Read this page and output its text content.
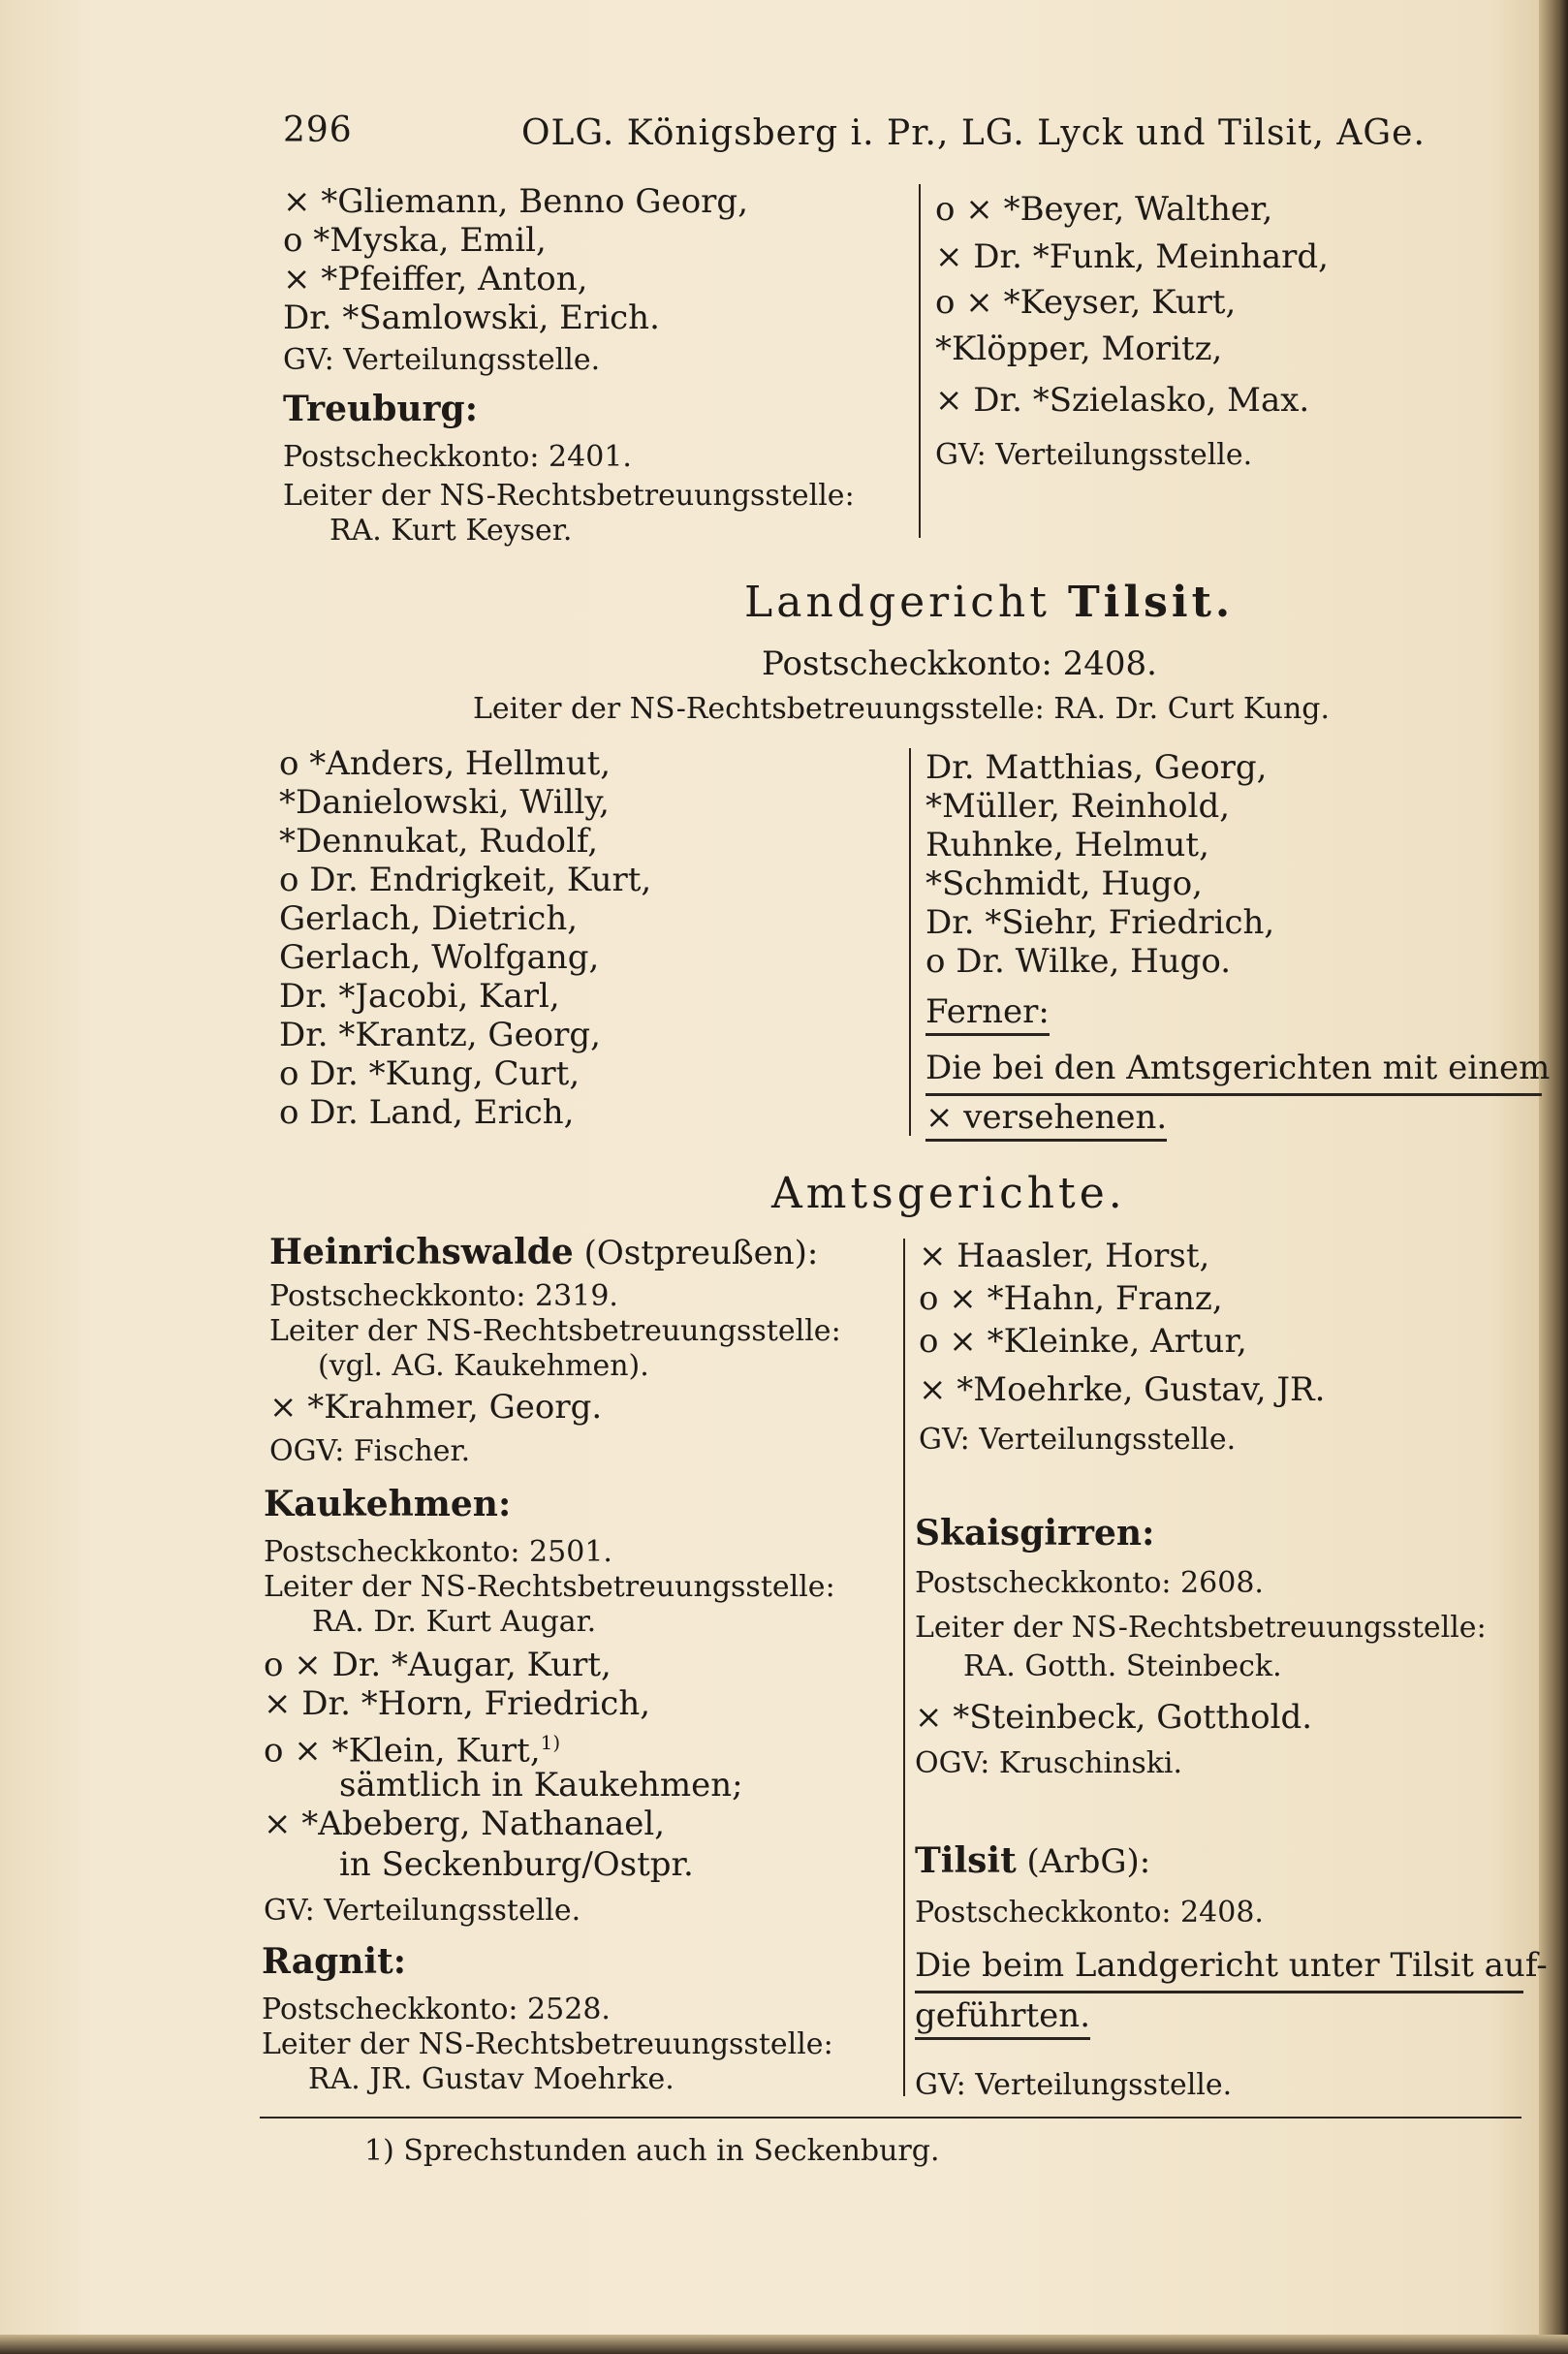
296	OLG. Königsberg i. Pr., LG. Lyck und Tilsit, AGe.
× *Gliemann, Benno Georg,
o *Myska, Emil,
× *Pfeiffer, Anton,
Dr. *Samlowski, Erich.
GV: Verteilungsstelle.
Treuburg:
Postscheckkonto: 2401.
Leiter der NS-Rechtsbetreuungsstelle:
RA. Kurt Keyser.
o × *Beyer, Walther,
× Dr. *Funk, Meinhard,
o × *Keyser, Kurt,
*Klöpper, Moritz,
× Dr. *Szielasko, Max.
GV: Verteilungsstelle.
Landgericht Tilsit.
Postscheckkonto: 2408.
Leiter der NS-Rechtsbetreuungsstelle: RA. Dr. Curt Kung.
o *Anders, Hellmut,
*Danielowski, Willy,
*Dennukat, Rudolf,
o Dr. Endrigkeit, Kurt,
Gerlach, Dietrich,
Gerlach, Wolfgang,
Dr. *Jacobi, Karl,
Dr. *Krantz, Georg,
o Dr. *Kung, Curt,
o Dr. Land, Erich,
Dr. Matthias, Georg,
*Müller, Reinhold,
Ruhnke, Helmut,
*Schmidt, Hugo,
Dr. *Siehr, Friedrich,
o Dr. Wilke, Hugo.
Ferner:
Die bei den Amtsgerichten mit einem
× versehenen.
Amtsgerichte.
Heinrichswalde (Ostpreußen):
Postscheckkonto: 2319.
Leiter der NS-Rechtsbetreuungsstelle:
(vgl. AG. Kaukehmen).
× *Krahmer, Georg.
OGV: Fischer.
Kaukehmen:
Postscheckkonto: 2501.
Leiter der NS-Rechtsbetreuungsstelle:
RA. Dr. Kurt Augar.
o × Dr. *Augar, Kurt,
× Dr. *Horn, Friedrich,
o × *Klein, Kurt,$^{1)}$
sämtlich in Kaukehmen;
× *Abeberg, Nathanael,
in Seckenburg/Ostpr.
GV: Verteilungsstelle.
Ragnit:
Postscheckkonto: 2528.
Leiter der NS-Rechtsbetreuungsstelle:
RA. JR. Gustav Moehrke.
× Haasler, Horst,
o × *Hahn, Franz,
o × *Kleinke, Artur,
× *Moehrke, Gustav, JR.
GV: Verteilungsstelle.
Skaisgirren:
Postscheckkonto: 2608.
Leiter der NS-Rechtsbetreuungsstelle:
RA. Gotth. Steinbeck.
× *Steinbeck, Gotthold.
OGV: Kruschinski.
Tilsit (ArbG):
Postscheckkonto: 2408.
Die beim Landgericht unter Tilsit auf-
geführten.
GV: Verteilungsstelle.
1) Sprechstunden auch in Seckenburg.
